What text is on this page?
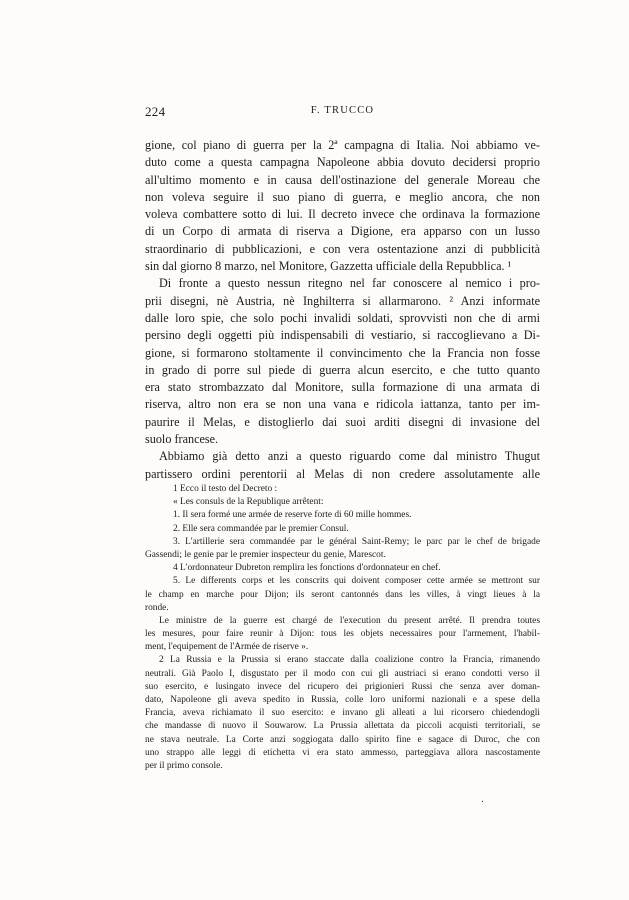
224	F. TRUCCO
gione, col piano di guerra per la 2ª campagna di Italia. Noi abbiamo ve-
duto come a questa campagna Napoleone abbia dovuto decidersi proprio
all'ultimo momento e in causa dell'ostinazione del generale Moreau che
non voleva seguire il suo piano di guerra, e meglio ancora, che non
voleva combattere sotto di lui. Il decreto invece che ordinava la formazione
di un Corpo di armata di riserva a Digione, era apparso con un lusso
straordinario di pubblicazioni, e con vera ostentazione anzi di pubblicità
sin dal giorno 8 marzo, nel Monitore, Gazzetta ufficiale della Repubblica. ¹
Di fronte a questo nessun ritegno nel far conoscere al nemico i pro-
prii disegni, nè Austria, nè Inghilterra si allarmarono. ² Anzi informate
dalle loro spie, che solo pochi invalidi soldati, sprovvisti non che di armi
persino degli oggetti più indispensabili di vestiario, si raccoglievano a Di-
gione, si formarono stoltamente il convincimento che la Francia non fosse
in grado di porre sul piede di guerra alcun esercito, e che tutto quanto
era stato strombazzato dal Monitore, sulla formazione di una armata di
riserva, altro non era se non una vana e ridicola iattanza, tanto per im-
paurire il Melas, e distoglierlo dai suoi arditi disegni di invasione del
suolo francese.
Abbiamo già detto anzi a questo riguardo come dal ministro Thugut
partissero ordini perentorii al Melas di non credere assolutamente alle
1 Ecco il testo del Decreto :
« Les consuls de la Republique arrêtent:
1. Il sera formé une armée de reserve forte di 60 mille hommes.
2. Elle sera commandée par le premier Consul.
3. L'artillerie sera commandée par le général Saint-Remy; le parc par le chef de brigade
Gassendi; le genie par le premier inspecteur du genie, Marescot.
4 L'ordonnateur Dubreton remplira les fonctions d'ordonnateur en chef.
5. Le differents corps et les conscrits qui doivent composer cette armée se mettront sur
le champ en marche pour Dijon; ils seront cantonnés dans les villes, à vingt lieues à la
ronde.
Le ministre de la guerre est chargé de l'execution du present arrêté. Il prendra toutes
les mesures, pour faire reunir à Dijon: tous les objets necessaires pour l'armement, l'habil-
ment, l'equipement de l'Armée de riserve ».
2 La Russia e la Prussia si erano staccate dalla coalizione contro la Francia, rimanendo
neutrali. Già Paolo I, disgustato per il modo con cui gli austriaci si erano condotti verso il
suo esercito, e lusingato invece del ricupero dei prigionieri Russi che senza aver doman-
dato, Napoleone gli aveva spedito in Russia, colle loro uniformi nazionali e a spese della
Francia, aveva richiamato il suo esercito: e invano gli alleati a lui ricorsero chiedendogli
che mandasse di nuovo il Souwarow. La Prussia allettata da piccoli acquisti territoriali, se
ne stava neutrale. La Corte anzi soggiogata dallo spirito fine e sagace di Duroc, che con
uno strappo alle leggi di etichetta vi era stato ammesso, parteggiava allora nascostamente
per il primo console.
.
